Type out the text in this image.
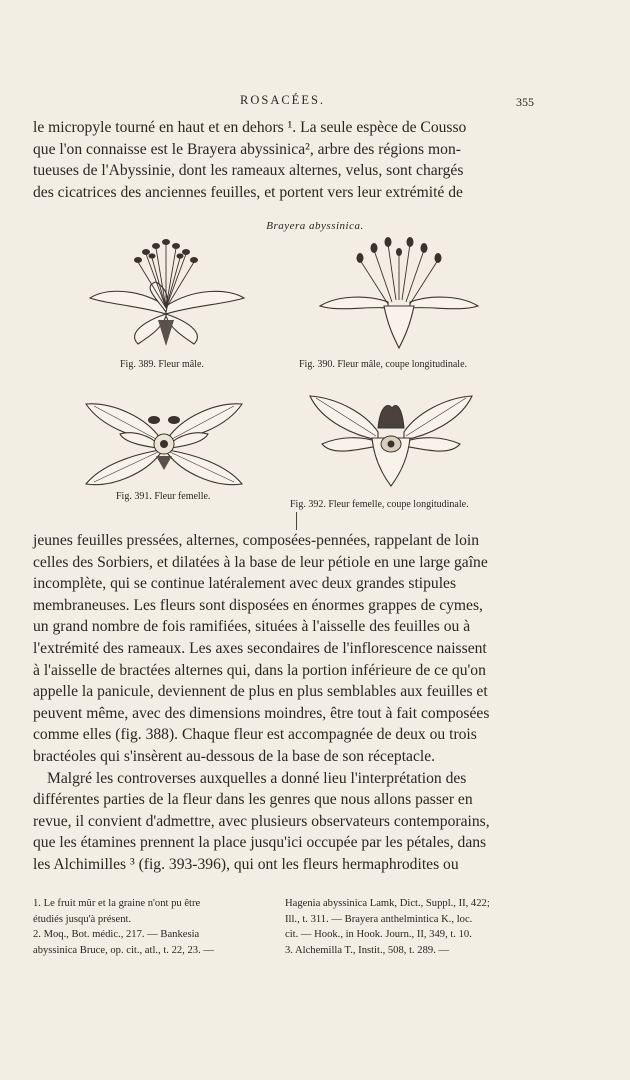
ROSACÉES.	355

le micropyle tourné en haut et en dehors ¹. La seule espèce de Cousso

que l'on connaisse est le Brayera abyssinica², arbre des régions mon-

tueuses de l'Abyssinie, dont les rameaux alternes, velus, sont chargés

des cicatrices des anciennes feuilles, et portent vers leur extrémité de

Brayera abyssinica.
Fig. 389. Fleur mâle.	Fig. 390. Fleur mâle, coupe longitudinale.
Fig. 391. Fleur femelle.
Fig. 392. Fleur femelle, coupe longitudinale.

jeunes feuilles pressées, alternes, composées-pennées, rappelant de loin

celles des Sorbiers, et dilatées à la base de leur pétiole en une large gaîne

incomplète, qui se continue latéralement avec deux grandes stipules

membraneuses. Les fleurs sont disposées en énormes grappes de cymes,

un grand nombre de fois ramifiées, situées à l'aisselle des feuilles ou à

l'extrémité des rameaux. Les axes secondaires de l'inflorescence naissent

à l'aisselle de bractées alternes qui, dans la portion inférieure de ce qu'on

appelle la panicule, deviennent de plus en plus semblables aux feuilles et

peuvent même, avec des dimensions moindres, être tout à fait composées

comme elles (fig. 388). Chaque fleur est accompagnée de deux ou trois

bractéoles qui s'insèrent au-dessous de la base de son réceptacle.

Malgré les controverses auxquelles a donné lieu l'interprétation des

différentes parties de la fleur dans les genres que nous allons passer en

revue, il convient d'admettre, avec plusieurs observateurs contemporains,

que les étamines prennent la place jusqu'ici occupée par les pétales, dans

les Alchimilles ³ (fig. 393-396), qui ont les fleurs hermaphrodites ou

1. Le fruit mûr et la graine n'ont pu être

étudiés jusqu'à présent.

2. Moq., Bot. médic., 217. — Bankesia

abyssinica Bruce, op. cit., atl., t. 22, 23. —

Hagenia abyssinica Lamk, Dict., Suppl., II, 422;

Ill., t. 311. — Brayera anthelmintica K., loc.

cit. — Hook., in Hook. Journ., II, 349, t. 10.

3. Alchemilla T., Instit., 508, t. 289. —
